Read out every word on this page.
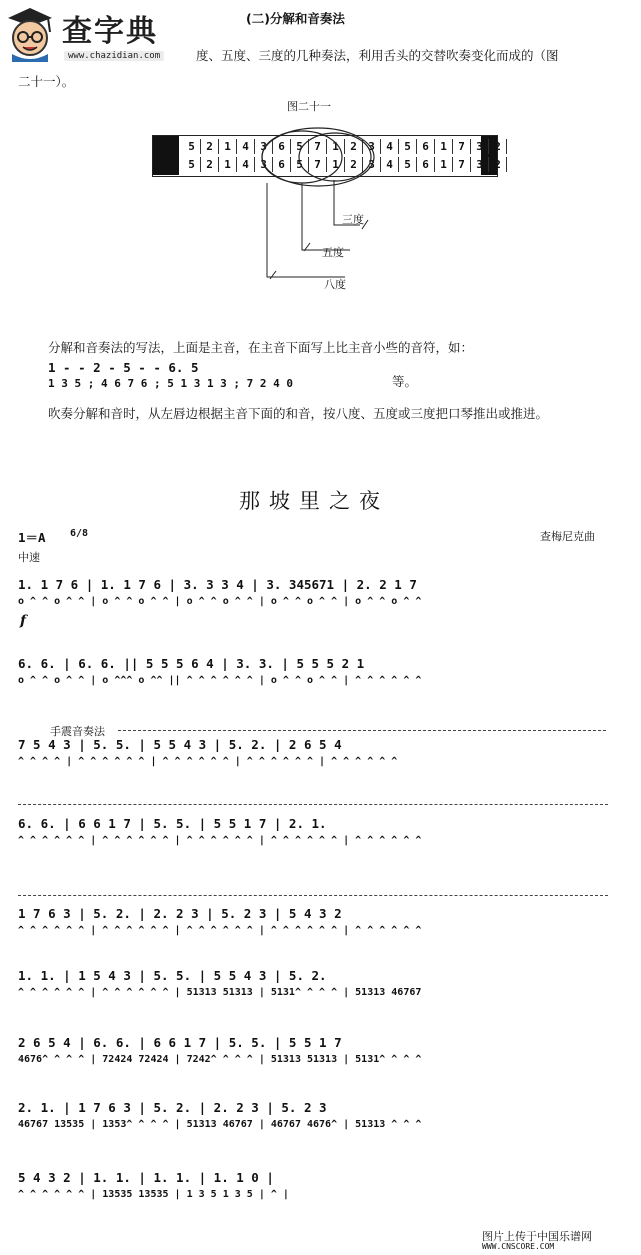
查字典
www.chazidian.com
(二)分解和音奏法
度、五度、三度的几种奏法，利用舌头的交替吹奏变化而成的（图
二十一）。
图二十一
5	2	1	4	3	6	5	7	1	2	3	4	5	6	1	7	3	2
5	2	1	4	3	6	5	7	1	2	3	4	5	6	1	7	3	2
三度
五度
八度
分解和音奏法的写法，上面是主音，在主音下面写上比主音小些的音符，如：
1 - - 2 - 5 - - 6. 5
1 3 5 ; 4 6 7 6 ; 5 1 3 1 3 ; 7 2 4 0	等。
吹奏分解和音时，从左唇边根据主音下面的和音，按八度、五度或三度把口琴推出或推进。
那坡里之夜
1＝A 6/8	查梅尼克曲
中速
f
手震音奏法
1. 1 7 6 | 1. 1 7 6 | 3. 3 3 4 | 3. 345671 | 2. 2 1 7
o ^ ^ o ^ ^ | o ^ ^ o ^ ^ | o ^ ^ o ^ ^ | o ^ ^ o ^ ^ | o ^ ^ o ^ ^
6. 6. | 6. 6. || 5 5 5 6 4 | 3. 3. | 5 5 5 2 1
o ^ ^ o ^ ^ | o ^^^ o ^^ || ^ ^ ^ ^ ^ ^ | o ^ ^ o ^ ^ | ^ ^ ^ ^ ^ ^
7 5 4 3 | 5. 5. | 5 5 4 3 | 5. 2. | 2 6 5 4
^ ^ ^ ^ | ^ ^ ^ ^ ^ ^ | ^ ^ ^ ^ ^ ^ | ^ ^ ^ ^ ^ ^ | ^ ^ ^ ^ ^ ^
6. 6. | 6 6 1 7 | 5. 5. | 5 5 1 7 | 2. 1.
^ ^ ^ ^ ^ ^ | ^ ^ ^ ^ ^ ^ | ^ ^ ^ ^ ^ ^ | ^ ^ ^ ^ ^ ^ | ^ ^ ^ ^ ^ ^
1 7 6 3 | 5. 2. | 2. 2 3 | 5. 2 3 | 5 4 3 2
^ ^ ^ ^ ^ ^ | ^ ^ ^ ^ ^ ^ | ^ ^ ^ ^ ^ ^ | ^ ^ ^ ^ ^ ^ | ^ ^ ^ ^ ^ ^
1. 1. | 1 5 4 3 | 5. 5. | 5 5 4 3 | 5. 2.
^ ^ ^ ^ ^ ^ | ^ ^ ^ ^ ^ ^ | 51313 51313 | 5131^ ^ ^ ^ | 51313 46767
2 6 5 4 | 6. 6. | 6 6 1 7 | 5. 5. | 5 5 1 7
4676^ ^ ^ ^ | 72424 72424 | 7242^ ^ ^ ^ | 51313 51313 | 5131^ ^ ^ ^
2. 1. | 1 7 6 3 | 5. 2. | 2. 2 3 | 5. 2 3
46767 13535 | 1353^ ^ ^ ^ | 51313 46767 | 46767 4676^ | 51313 ^ ^ ^
5 4 3 2 | 1. 1. | 1. 1. | 1. 1 0 |
^ ^ ^ ^ ^ ^ | 13535 13535 | 1 3 5 1 3 5 | ^ |
图片上传于中国乐谱网
WWW.CNSCORE.COM
